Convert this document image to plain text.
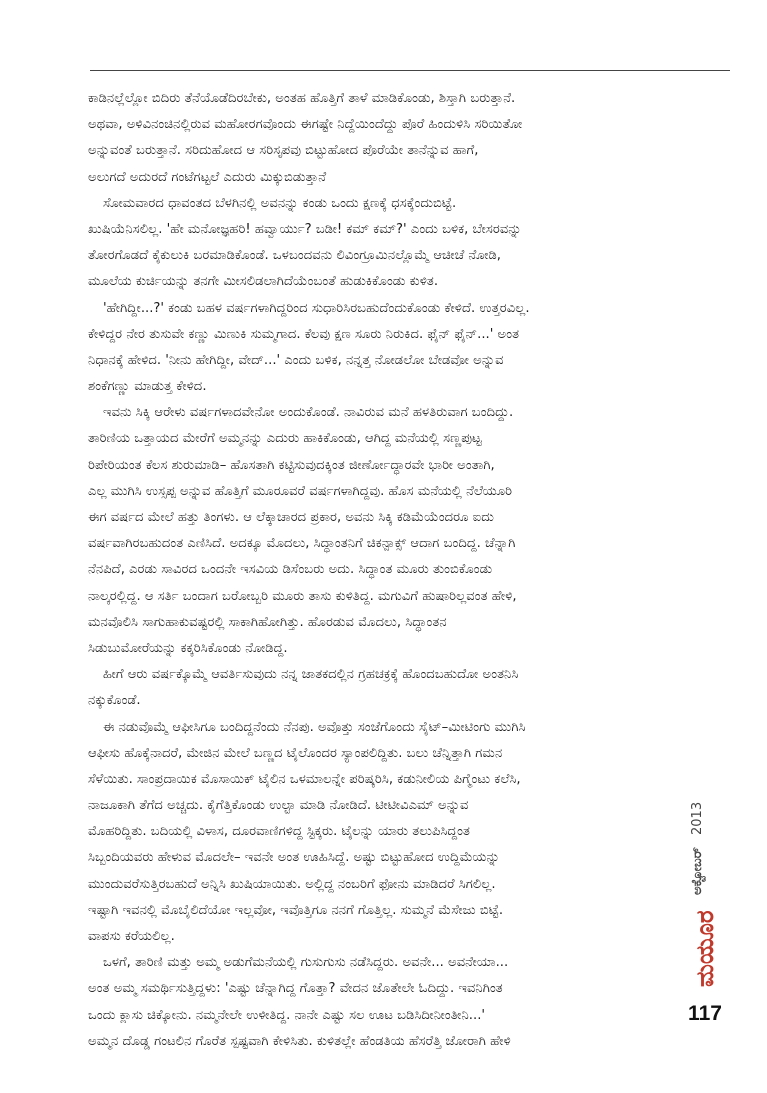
ಕಾಡಿನಲ್ಲೆಲ್ಲೋ ಬಿದಿರು ತೆನೆಯೊಡೆದಿರಬೇಕು, ಅಂತಹ ಹೊತ್ತಿಗೆ ತಾಳೆ ಮಾಡಿಕೊಂಡು, ಶಿಸ್ತಾಗಿ ಬರುತ್ತಾನೆ.
ಅಥವಾ, ಅಳಿವಿನಂಚಿನಲ್ಲಿರುವ ಮಹೋರಗವೊಂದು ಈಗಷ್ಟೇ ನಿದ್ದೆಯಿಂದೆದ್ದು ಪೊರೆ ಹಿಂದುಳಿಸಿ ಸರಿಯಿತೋ
ಅನ್ನುವಂತೆ ಬರುತ್ತಾನೆ. ಸರಿದುಹೋದ ಆ ಸರಿಸೃಪವು ಬಿಟ್ಟುಹೋದ ಪೊರೆಯೇ ತಾನೆನ್ನುವ ಹಾಗೆ,
ಅಲುಗದೆ ಅದುರದೆ ಗಂಟೆಗಟ್ಟಲೆ ಎದುರು ಮಿಕ್ಕುಬಿಡುತ್ತಾನೆ
ಸೋಮವಾರದ ಧಾವಂತದ ಬೆಳಗಿನಲ್ಲಿ ಅವನನ್ನು ಕಂಡು ಒಂದು ಕ್ಷಣಕ್ಕೆ ಧಸಕ್ಕೆಂದುಬಿಟ್ಟೆ.
ಖುಷಿಯೆನಿಸಲಿಲ್ಲ. 'ಹೇ ಮನೋಜ್ಞಹರಿ! ಹವ್ವಾರ್ಯು? ಬಡೀ! ಕಮ್ ಕಮ್?' ಎಂದು ಬಳಿಕ, ಬೇಸರವನ್ನು
ತೋರಗೊಡದೆ ಕೈಕುಲುಕಿ ಬರಮಾಡಿಕೊಂಡೆ. ಒಳಬಂದವನು ಲಿವಿಂಗ್ರೂಮಿನಲ್ಲೊಮ್ಮೆ ಆಚೀಚೆ ನೋಡಿ,
ಮೂಲೆಯ ಕುರ್ಚಿಯನ್ನು ತನಗೇ ಮೀಸಲಿಡಲಾಗಿದೆಯೆಂಬಂತೆ ಹುಡುಕಿಕೊಂಡು ಕುಳಿತ.
'ಹೇಗಿದ್ದೀ...?' ಕಂಡು ಬಹಳ ವರ್ಷಗಳಾಗಿದ್ದರಿಂದ ಸುಧಾರಿಸಿರಬಹುದೆಂದುಕೊಂಡು ಕೇಳಿದೆ. ಉತ್ತರವಿಲ್ಲ.
ಕೇಳಿದ್ದರ ನೇರ ತುಸುವೇ ಕಣ್ಣು ಮಿಣುಕಿ ಸುಮ್ಮಗಾದ. ಕೆಲವು ಕ್ಷಣ ಸೂರು ನಿರುಕಿದ. ಫೈನ್ ಫೈನ್...' ಅಂತ
ನಿಧಾನಕ್ಕೆ ಹೇಳಿದ. 'ನೀನು ಹೇಗಿದ್ದೀ, ವೇದ್...' ಎಂದು ಬಳಿಕ, ನನ್ನತ್ತ ನೋಡಲೋ ಬೇಡವೋ ಅನ್ನುವ
ಶಂಕೆಗಣ್ಣು ಮಾಡುತ್ತ ಕೇಳಿದ.
ಇವನು ಸಿಕ್ಕಿ ಆರೇಳು ವರ್ಷಗಳಾದವೇನೋ ಅಂದುಕೊಂಡೆ. ನಾವಿರುವ ಮನೆ ಹಳತಿರುವಾಗ ಬಂದಿದ್ದು.
ತಾರಿಣಿಯ ಒತ್ತಾಯದ ಮೇರೆಗೆ ಅಮ್ಮನನ್ನು ಎದುರು ಹಾಕಿಕೊಂಡು, ಆಗಿದ್ದ ಮನೆಯಲ್ಲಿ ಸಣ್ಣಪುಟ್ಟ
ರಿಪೇರಿಯಂತ ಕೆಲಸ ಶುರುಮಾಡಿ– ಹೊಸತಾಗಿ ಕಟ್ಟಿಸುವುದಕ್ಕಿಂತ ಜೀರ್ಣೋದ್ಧಾರವೇ ಭಾರೀ ಅಂತಾಗಿ,
ಎಲ್ಲ ಮುಗಿಸಿ ಉಸ್ಸಪ್ಪ ಅನ್ನುವ ಹೊತ್ತಿಗೆ ಮೂರೂವರೆ ವರ್ಷಗಳಾಗಿದ್ದವು. ಹೊಸ ಮನೆಯಲ್ಲಿ ನೆಲೆಯೂರಿ
ಈಗ ವರ್ಷದ ಮೇಲೆ ಹತ್ತು ತಿಂಗಳು. ಆ ಲೆಕ್ಕಾಚಾರದ ಪ್ರಕಾರ, ಅವನು ಸಿಕ್ಕಿ ಕಡಿಮೆಯೆಂದರೂ ಐದು
ವರ್ಷವಾಗಿರಬಹುದಂತ ಎಣಿಸಿದೆ. ಅದಕ್ಕೂ ಮೊದಲು, ಸಿದ್ಧಾಂತನಿಗೆ ಚಿಕನ್ಪಾಕ್ಸ್ ಆದಾಗ ಬಂದಿದ್ದ. ಚೆನ್ನಾಗಿ
ನೆನಪಿದೆ, ಎರಡು ಸಾವಿರದ ಒಂದನೇ ಇಸವಿಯ ಡಿಸೆಂಬರು ಅದು. ಸಿದ್ಧಾಂತ ಮೂರು ತುಂಬಿಕೊಂಡು
ನಾಲ್ಕರಲ್ಲಿದ್ದ. ಆ ಸರ್ತಿ ಬಂದಾಗ ಬರೋಬ್ಬರಿ ಮೂರು ತಾಸು ಕುಳಿತಿದ್ದ. ಮಗುವಿಗೆ ಹುಷಾರಿಲ್ಲವಂತ ಹೇಳಿ,
ಮನವೊಲಿಸಿ ಸಾಗುಹಾಕುವಷ್ಟರಲ್ಲಿ ಸಾಕಾಗಿಹೋಗಿತ್ತು. ಹೊರಡುವ ಮೊದಲು, ಸಿದ್ಧಾಂತನ
ಸಿಡುಬುಮೋರೆಯನ್ನು ಕಕ್ಕರಿಸಿಕೊಂಡು ನೋಡಿದ್ದ.
ಹೀಗೆ ಆರು ವರ್ಷಕ್ಕೊಮ್ಮೆ ಆವರ್ತಿಸುವುದು ನನ್ನ ಜಾತಕದಲ್ಲಿನ ಗ್ರಹಚಕ್ರಕ್ಕೆ ಹೊಂದಬಹುದೋ ಅಂತನಿಸಿ
ನಕ್ಕುಕೊಂಡೆ.
ಈ ನಡುವೊಮ್ಮೆ ಆಫೀಸಿಗೂ ಬಂದಿದ್ದನೆಂದು ನೆನಪು. ಅವೊತ್ತು ಸಂಜೆಗೊಂದು ಸೈಟ್–ಮೀಟಿಂಗು ಮುಗಿಸಿ
ಆಫೀಸು ಹೊಕ್ಕೆನಾದರೆ, ಮೇಜಿನ ಮೇಲೆ ಬಣ್ಣದ ಟೈಲೊಂದರ ಸ್ಯಾಂಪಲಿದ್ದಿತು. ಬಲು ಚೆನ್ನಿತ್ತಾಗಿ ಗಮನ
ಸೆಳೆಯಿತು. ಸಾಂಪ್ರದಾಯಿಕ ಮೊಸಾಯಿಕ್ ಟೈಲಿನ ಒಳಮಾಲನ್ನೇ ಪರಿಷ್ಕರಿಸಿ, ಕಡುನೀಲಿಯ ಪಿಗ್ಮೆಂಟು ಕಲೆಸಿ,
ನಾಜೂಕಾಗಿ ತೆಗೆದ ಅಚ್ಚದು. ಕೈಗೆತ್ತಿಕೊಂಡು ಉಲ್ಟಾ ಮಾಡಿ ನೋಡಿದೆ. ಟೀಟೀವಿಎಮ್ ಅನ್ನುವ
ಮೊಹರಿದ್ದಿತು. ಬದಿಯಲ್ಲಿ ವಿಳಾಸ, ದೂರವಾಣಿಗಳಿದ್ದ ಸ್ಟಿಕ್ಕರು. ಟೈಲನ್ನು ಯಾರು ತಲುಪಿಸಿದ್ದಂತ
ಸಿಬ್ಬಂದಿಯವರು ಹೇಳುವ ಮೊದಲೇ– ಇವನೇ ಅಂತ ಊಹಿಸಿದ್ದೆ. ಅಷ್ಟು ಬಿಟ್ಟುಹೋದ ಉದ್ದಿಮೆಯನ್ನು
ಮುಂದುವರೆಸುತ್ತಿರಬಹುದೆ ಅನ್ನಿಸಿ ಖುಷಿಯಾಯಿತು. ಅಲ್ಲಿದ್ದ ನಂಬರಿಗೆ ಫೋನು ಮಾಡಿದರೆ ಸಿಗಲಿಲ್ಲ.
ಇಷ್ಟಾಗಿ ಇವನಲ್ಲಿ ಮೊಬೈಲಿದೆಯೋ ಇಲ್ಲವೋ, ಇವೊತ್ತಿಗೂ ನನಗೆ ಗೊತ್ತಿಲ್ಲ. ಸುಮ್ಮನೆ ಮೆಸೇಜು ಬಿಟ್ಟೆ.
ವಾಪಸು ಕರೆಯಲಿಲ್ಲ.
ಒಳಗೆ, ತಾರಿಣಿ ಮತ್ತು ಅಮ್ಮ ಅಡುಗೆಮನೆಯಲ್ಲಿ ಗುಸುಗುಸು ನಡೆಸಿದ್ದರು. ಅವನೇ... ಅವನೇಯಾ...
ಅಂತ ಅಮ್ಮ ಸಮರ್ಥಿಸುತ್ತಿದ್ದಳು: 'ಎಷ್ಟು ಚೆನ್ನಾಗಿದ್ದ ಗೊತ್ತಾ? ವೇದನ ಜೊತೇಲೇ ಓದಿದ್ದು. ಇವನಿಗಿಂತ
ಒಂದು ಕ್ಲಾಸು ಚಿಕ್ಕೋನು. ನಮ್ಮನೇಲೇ ಉಳೀತಿದ್ದ. ನಾನೇ ಎಷ್ಟು ಸಲ ಊಟ ಬಡಿಸಿದೀನೀಂತೀನಿ...'
ಅಮ್ಮನ ದೊಡ್ಡ ಗಂಟಲಿನ ಗೊರೆತ ಸ್ಪಷ್ಟವಾಗಿ ಕೇಳಿಸಿತು. ಕುಳಿತಲ್ಲೇ ಹೆಂಡತಿಯ ಹೆಸರೆತ್ತಿ ಜೋರಾಗಿ ಹೇಳಿ
ಅಕ್ಟೋಬರ್ 2013
ಮಯೂರ
117
